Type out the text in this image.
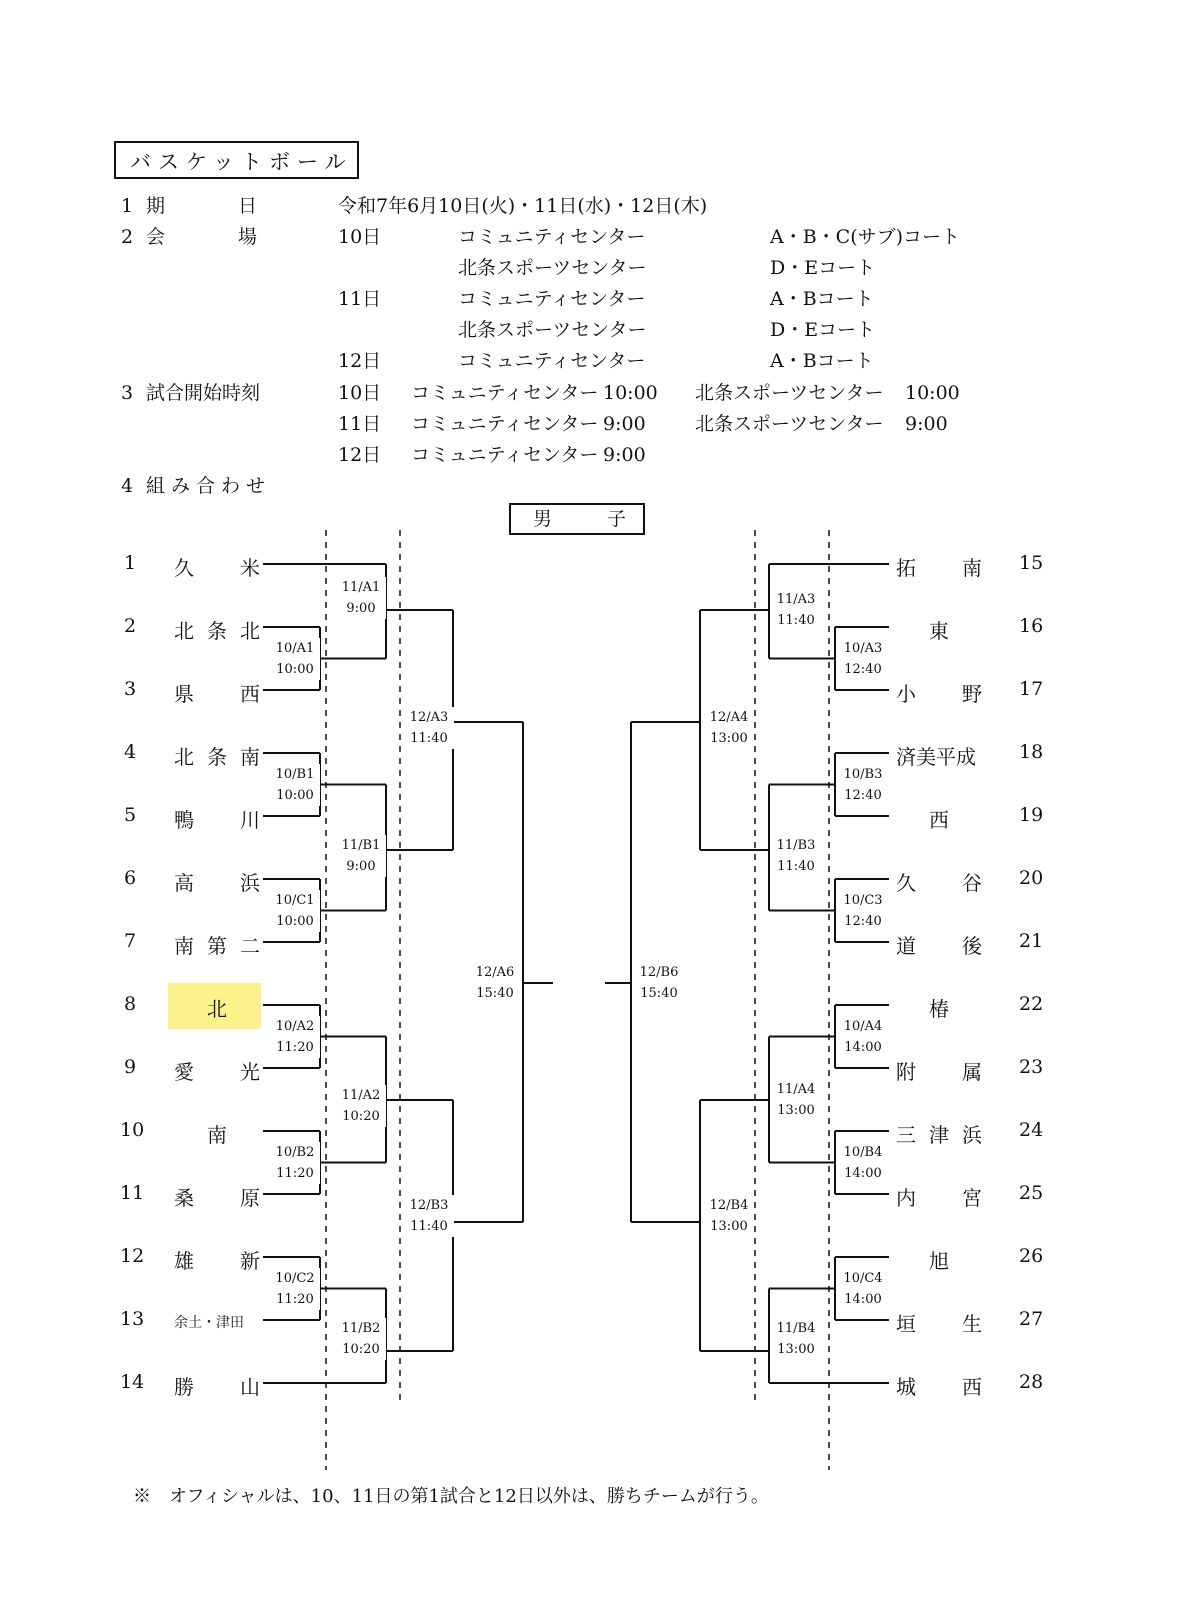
バスケットボール
1 期　　　日	令和7年6月10日(火)・11日(水)・12日(木)
2 会　　　場	10日	コミュニティセンター	A・B・C(サブ)コート
北条スポーツセンター	D・Eコート
11日	コミュニティセンター	A・Bコート
北条スポーツセンター	D・Eコート
12日	コミュニティセンター	A・Bコート
3 試合開始時刻	10日 コミュニティセンター 10:00 北条スポーツセンター 10:00
11日 コミュニティセンター 9:00	北条スポーツセンター 9:00
12日 コミュニティセンター 9:00
4 組み合わせ
男	子
1 久 米	15
拓 南
2 北 条 北	16
東
3 県 西	17
小 野
4 北 条 南	18
済美平成
5 鴨 川	19
西
6 高 浜	20
久 谷
7 南 第 二	21
道 後
8	北	22
椿
9 愛 光	23
附 属
10	南	24
三 津 浜
11 桑 原	25
内 宮
12 雄 新	26
旭
13 余土・津田	27
垣 生
14 勝 山	28
城 西
10/A1
10:00
10/B1
10:00
10/C1
10:00
10/A2
11:20
10/B2
11:20
10/C2
11:20
11/A1
9:00
11/B1
9:00
11/A2
10:20
11/B2
10:20
12/A3
11:40
12/B3
11:40
12/A6
15:40
10/A3
12:40
10/B3
12:40
10/C3
12:40
10/A4
14:00
10/B4
14:00
10/C4
14:00
11/A3
11:40
11/B3
11:40
11/A4
13:00
11/B4
13:00
12/A4
13:00
12/B4
13:00
12/B6
15:40
※　オフィシャルは、10、11日の第1試合と12日以外は、勝ちチームが行う。
